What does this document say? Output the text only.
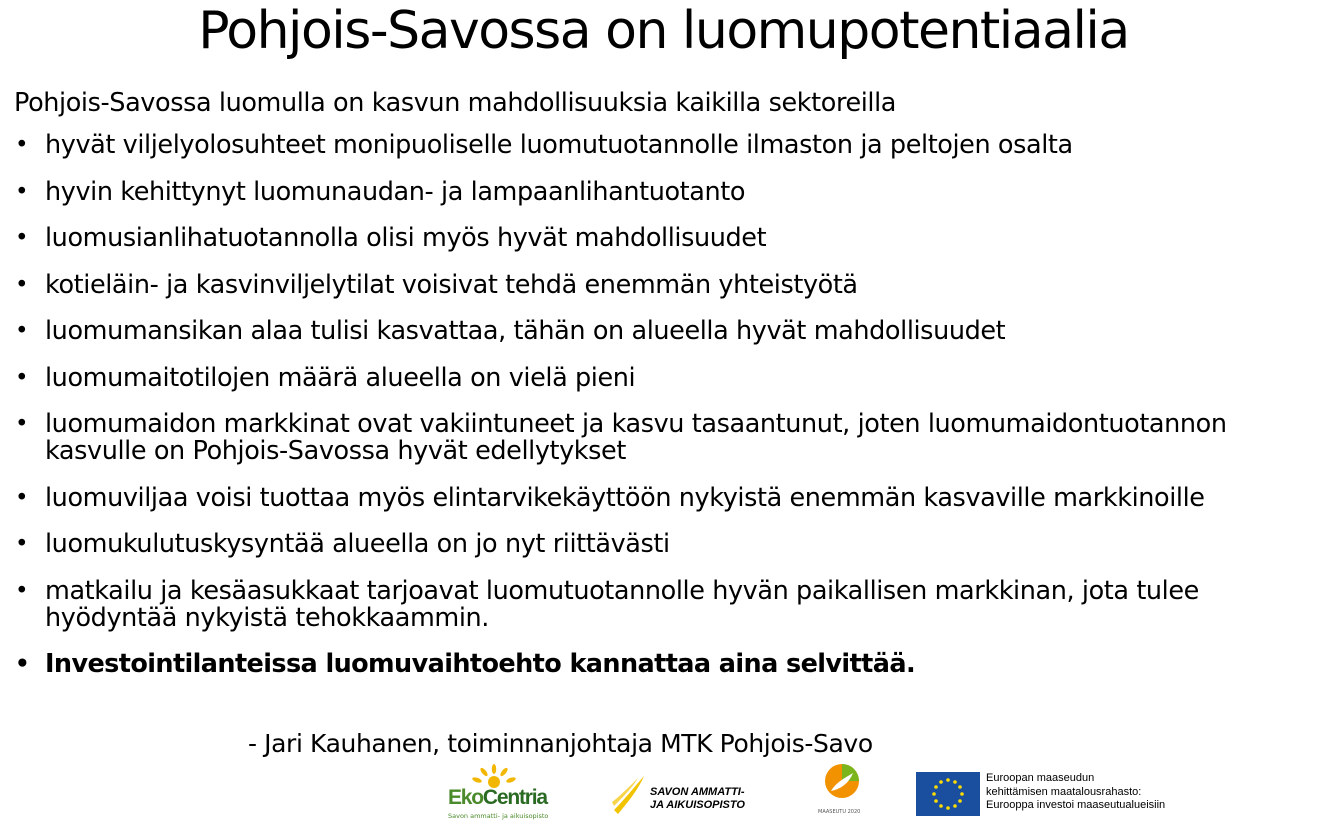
Pohjois-Savossa on luomupotentiaalia
Pohjois-Savossa luomulla on kasvun mahdollisuuksia kaikilla sektoreilla
• hyvät viljelyolosuhteet monipuoliselle luomutuotannolle ilmaston ja peltojen osalta
• hyvin kehittynyt luomunaudan- ja lampaanlihantuotanto
• luomusianlihatuotannolla olisi myös hyvät mahdollisuudet
• kotieläin- ja kasvinviljelytilat voisivat tehdä enemmän yhteistyötä
• luomumansikan alaa tulisi kasvattaa, tähän on alueella hyvät mahdollisuudet
• luomumaitotilojen määrä alueella on vielä pieni
• luomumaidon markkinat ovat vakiintuneet ja kasvu tasaantunut, joten luomumaidontuotannon kasvulle on Pohjois-Savossa hyvät edellytykset
• luomuviljaa voisi tuottaa myös elintarvikekäyttöön nykyistä enemmän kasvaville markkinoille
• luomukulutuskysyntää alueella on jo nyt riittävästi
• matkailu ja kesäasukkaat tarjoavat luomutuotannolle hyvän paikallisen markkinan, jota tulee hyödyntää nykyistä tehokkaammin.
• Investointilanteissa luomuvaihtoehto kannattaa aina selvittää.
- Jari Kauhanen, toiminnanjohtaja MTK Pohjois-Savo
EkoCentria
Savon ammatti- ja aikuisopisto
SAVON AMMATTI-
JA AIKUISOPISTO
MAASEUTU 2020
Euroopan maaseudun
kehittämisen maatalousrahasto:
Eurooppa investoi maaseutualueisiin
